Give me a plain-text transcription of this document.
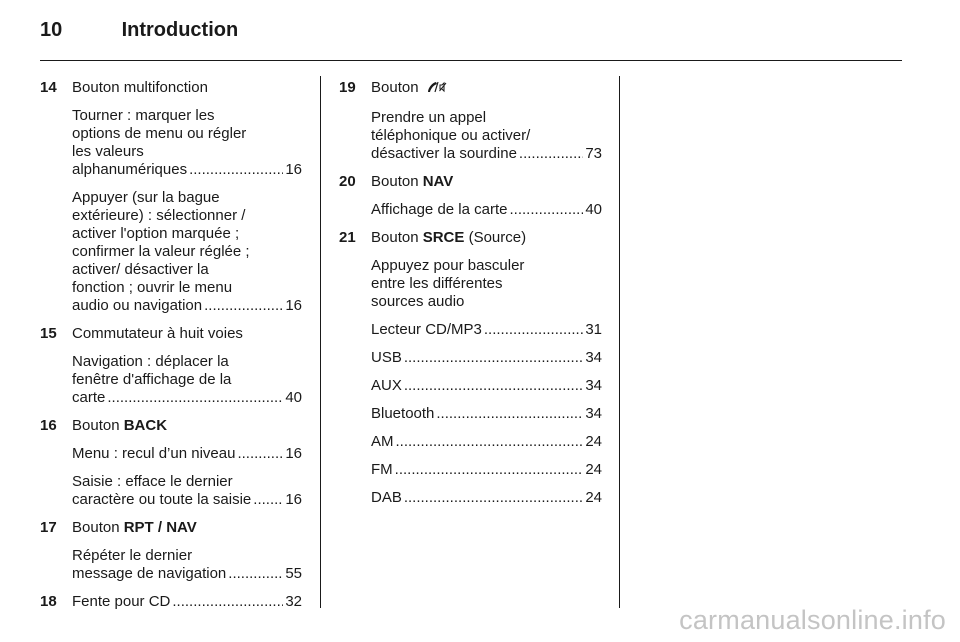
10	Introduction
14 Bouton multifonction
Tourner : marquer les
options de menu ou régler
les valeurs
alphanumériques .....	16
Appuyer (sur la bague
extérieure) : sélectionner /
activer l'option marquée ;
confirmer la valeur réglée ;
activer/ désactiver la
fonction ; ouvrir le menu
audio ou navigation .....	16
15 Commutateur à huit voies
Navigation : déplacer la
fenêtre d'affichage de la
carte .....	40
16 Bouton BACK
Menu : recul d’un niveau .....	16
Saisie : efface le dernier
caractère ou toute la saisie ..... 16
17 Bouton RPT / NAV
Répéter le dernier
message de navigation .....	55
18 Fente pour CD .....	32
19 Bouton
Prendre un appel
téléphonique ou activer/
désactiver la sourdine .....	73
20 Bouton NAV
Affichage de la carte .....	40
21 Bouton SRCE (Source)
Appuyez pour basculer
entre les différentes
sources audio
Lecteur CD/MP3 .....	31
USB .....	34
AUX .....	34
Bluetooth .....	34
AM .....	24
FM .....	24
DAB .....	24
carmanualsonline.info
